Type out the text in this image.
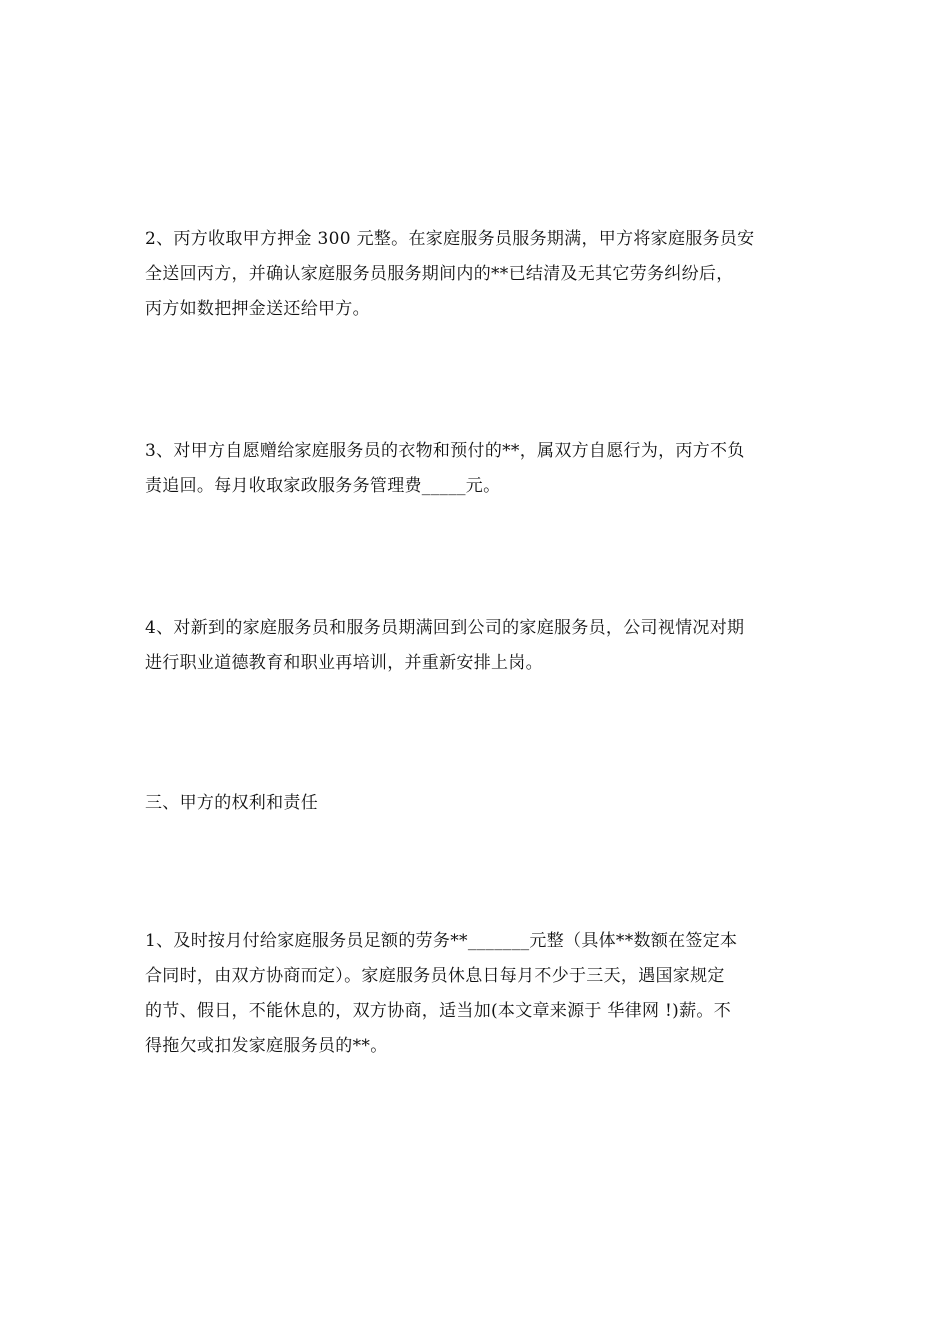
2、丙方收取甲方押金 300 元整。在家庭服务员服务期满，甲方将家庭服务员安
全送回丙方，并确认家庭服务员服务期间内的**已结清及无其它劳务纠纷后，
丙方如数把押金送还给甲方。
3、对甲方自愿赠给家庭服务员的衣物和预付的**，属双方自愿行为，丙方不负
责追回。每月收取家政服务务管理费_____元。
4、对新到的家庭服务员和服务员期满回到公司的家庭服务员，公司视情况对期
进行职业道德教育和职业再培训，并重新安排上岗。
三、甲方的权利和责任
1、及时按月付给家庭服务员足额的劳务**_______元整（具体**数额在签定本
合同时，由双方协商而定）。家庭服务员休息日每月不少于三天，遇国家规定
的节、假日，不能休息的，双方协商，适当加(本文章来源于 华律网 !)薪。不
得拖欠或扣发家庭服务员的**。
